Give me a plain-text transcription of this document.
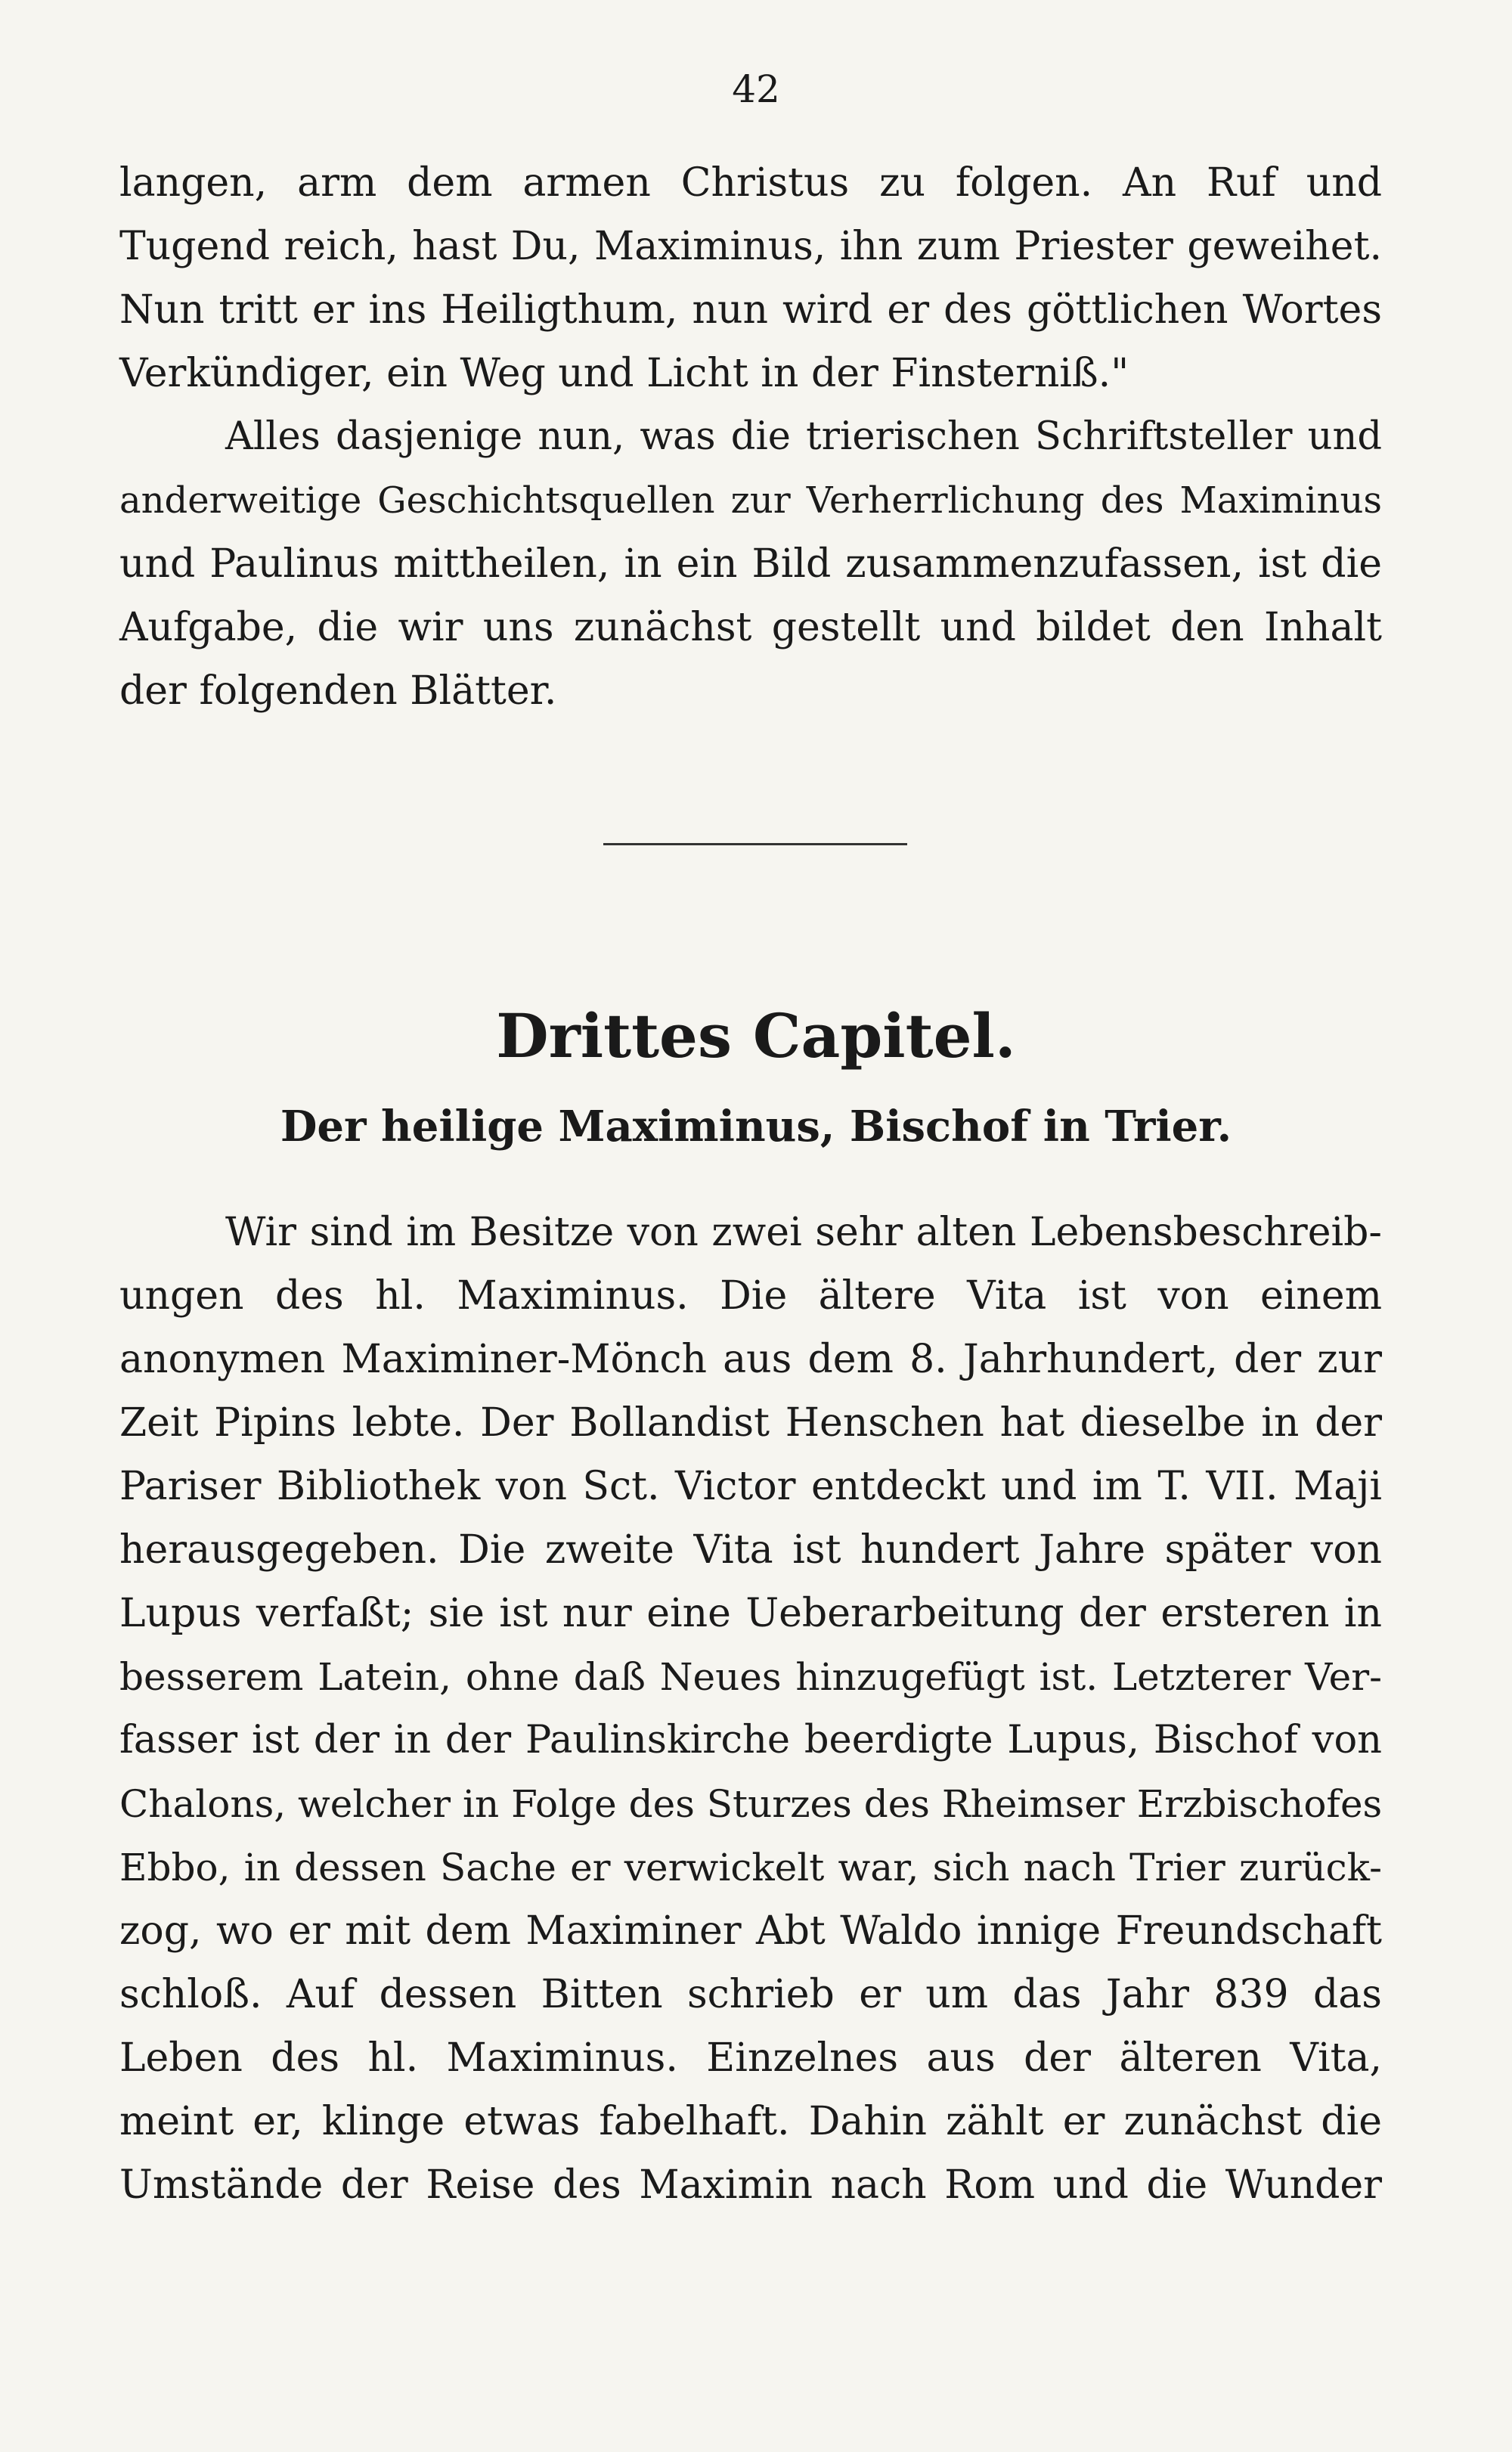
42
langen, arm dem armen Christus zu folgen. An Ruf und
Tugend reich, hast Du, Maximinus, ihn zum Priester geweihet.
Nun tritt er ins Heiligthum, nun wird er des göttlichen Wortes
Verkündiger, ein Weg und Licht in der Finsterniß."
Alles dasjenige nun, was die trierischen Schriftsteller und
anderweitige Geschichtsquellen zur Verherrlichung des Maximinus
und Paulinus mittheilen, in ein Bild zusammenzufassen, ist die
Aufgabe, die wir uns zunächst gestellt und bildet den Inhalt
der folgenden Blätter.
Drittes Capitel.
Der heilige Maximinus, Bischof in Trier.
Wir sind im Besitze von zwei sehr alten Lebensbeschreib-
ungen des hl. Maximinus. Die ältere Vita ist von einem
anonymen Maximiner-Mönch aus dem 8. Jahrhundert, der zur
Zeit Pipins lebte. Der Bollandist Henschen hat dieselbe in der
Pariser Bibliothek von Sct. Victor entdeckt und im T. VII. Maji
herausgegeben. Die zweite Vita ist hundert Jahre später von
Lupus verfaßt; sie ist nur eine Ueberarbeitung der ersteren in
besserem Latein, ohne daß Neues hinzugefügt ist. Letzterer Ver-
fasser ist der in der Paulinskirche beerdigte Lupus, Bischof von
Chalons, welcher in Folge des Sturzes des Rheimser Erzbischofes
Ebbo, in dessen Sache er verwickelt war, sich nach Trier zurück-
zog, wo er mit dem Maximiner Abt Waldo innige Freundschaft
schloß. Auf dessen Bitten schrieb er um das Jahr 839 das
Leben des hl. Maximinus. Einzelnes aus der älteren Vita,
meint er, klinge etwas fabelhaft. Dahin zählt er zunächst die
Umstände der Reise des Maximin nach Rom und die Wunder
